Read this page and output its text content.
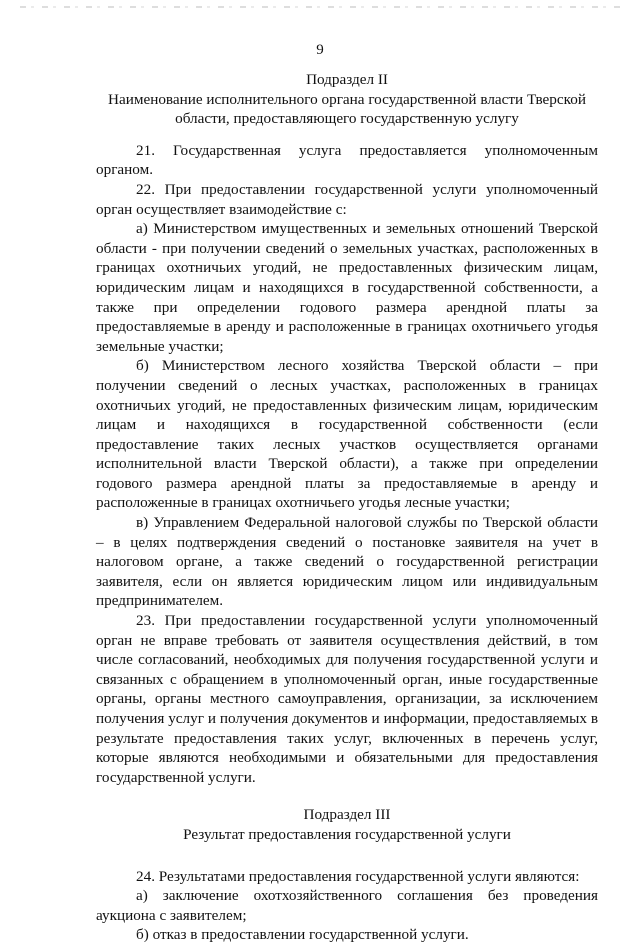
9

Подраздел II

Наименование исполнительного органа государственной власти Тверской области, предоставляющего государственную услугу

21. Государственная услуга предоставляется уполномоченным органом.

22. При предоставлении государственной услуги уполномоченный орган осуществляет взаимодействие с:

а) Министерством имущественных и земельных отношений Тверской области - при получении сведений о земельных участках, расположенных в границах охотничьих угодий, не предоставленных физическим лицам, юридическим лицам и находящихся в государственной собственности, а также при определении годового размера арендной платы за предоставляемые в аренду и расположенные в границах охотничьего угодья земельные участки;

б) Министерством лесного хозяйства Тверской области – при получении сведений о лесных участках, расположенных в границах охотничьих угодий, не предоставленных физическим лицам, юридическим лицам и находящихся в государственной собственности (если предоставление таких лесных участков осуществляется органами исполнительной власти Тверской области), а также при определении годового размера арендной платы за предоставляемые в аренду и расположенные в границах охотничьего угодья лесные участки;

в) Управлением Федеральной налоговой службы по Тверской области – в целях подтверждения сведений о постановке заявителя на учет в налоговом органе, а также сведений о государственной регистрации заявителя, если он является юридическим лицом или индивидуальным предпринимателем.

23. При предоставлении государственной услуги уполномоченный орган не вправе требовать от заявителя осуществления действий, в том числе согласований, необходимых для получения государственной услуги и связанных с обращением в уполномоченный орган, иные государственные органы, органы местного самоуправления, организации, за исключением получения услуг и получения документов и информации, предоставляемых в результате предоставления таких услуг, включенных в перечень услуг, которые являются необходимыми и обязательными для предоставления государственной услуги.

Подраздел III

Результат предоставления государственной услуги

24. Результатами предоставления государственной услуги являются:

а) заключение охотхозяйственного соглашения без проведения аукциона с заявителем;

б) отказ в предоставлении государственной услуги.
